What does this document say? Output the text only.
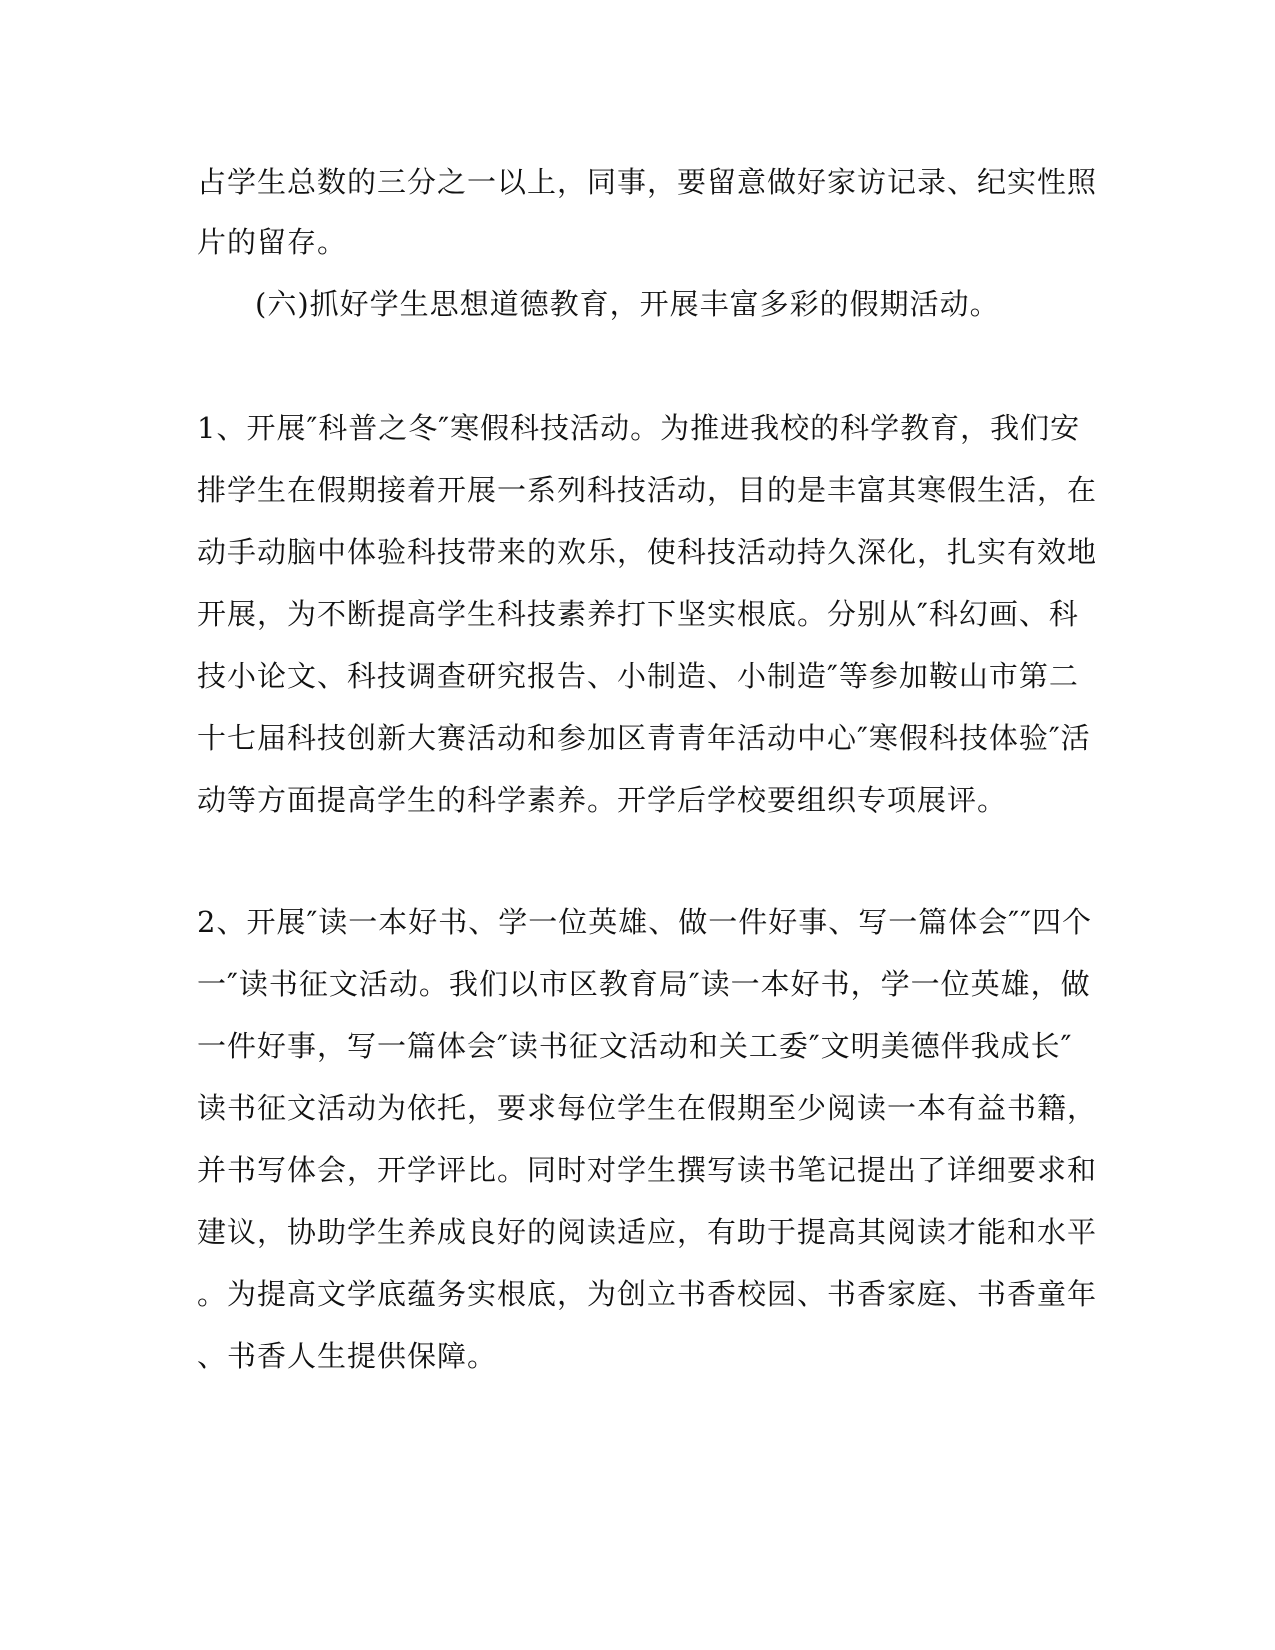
占学生总数的三分之一以上，同事，要留意做好家访记录、纪实性照
片的留存。
(六)抓好学生思想道德教育，开展丰富多彩的假期活动。
1、开展″科普之冬″寒假科技活动。为推进我校的科学教育，我们安
排学生在假期接着开展一系列科技活动，目的是丰富其寒假生活，在
动手动脑中体验科技带来的欢乐，使科技活动持久深化，扎实有效地
开展，为不断提高学生科技素养打下坚实根底。分别从″科幻画、科
技小论文、科技调查研究报告、小制造、小制造″等参加鞍山市第二
十七届科技创新大赛活动和参加区青青年活动中心″寒假科技体验″活
动等方面提高学生的科学素养。开学后学校要组织专项展评。
2、开展″读一本好书、学一位英雄、做一件好事、写一篇体会″″四个
一″读书征文活动。我们以市区教育局″读一本好书，学一位英雄，做
一件好事，写一篇体会″读书征文活动和关工委″文明美德伴我成长″
读书征文活动为依托，要求每位学生在假期至少阅读一本有益书籍，
并书写体会，开学评比。同时对学生撰写读书笔记提出了详细要求和
建议，协助学生养成良好的阅读适应，有助于提高其阅读才能和水平
。为提高文学底蕴务实根底，为创立书香校园、书香家庭、书香童年
、书香人生提供保障。
